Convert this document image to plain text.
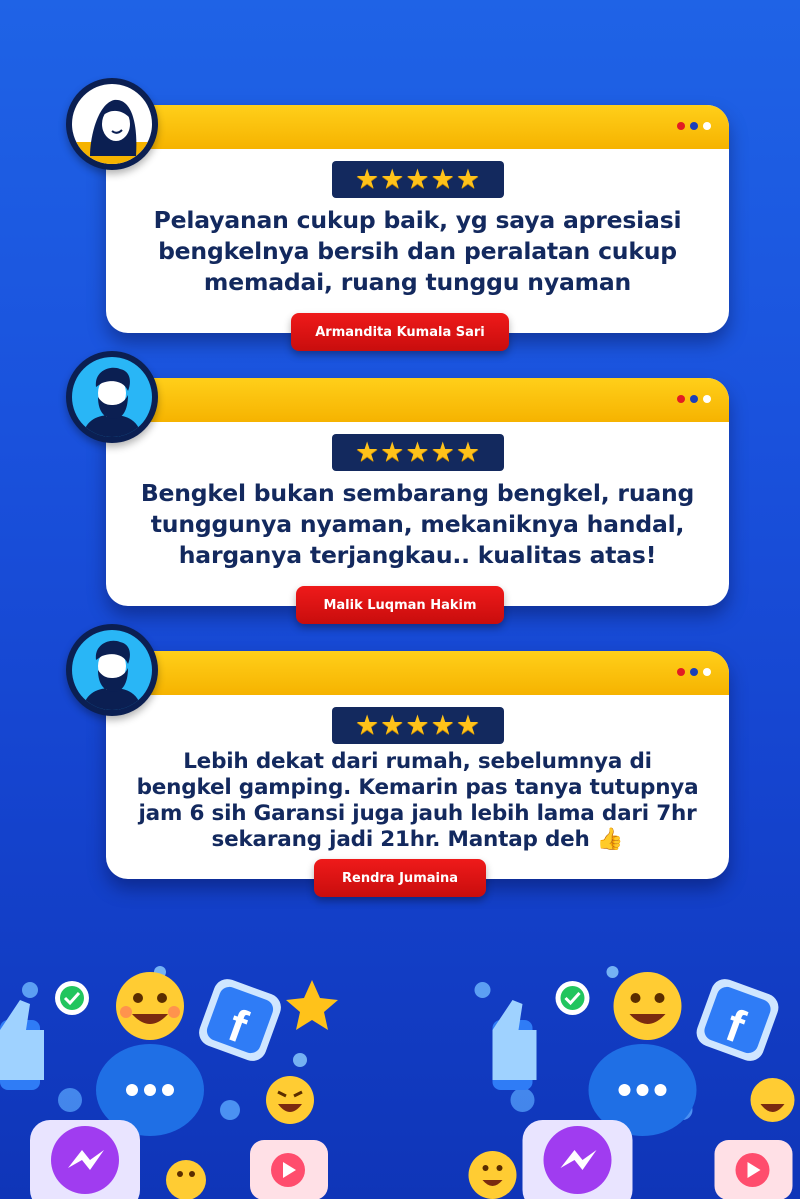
★ ★ ★ ★ ★
Pelayanan cukup baik, yg saya apresiasi bengkelnya bersih dan peralatan cukup memadai, ruang tunggu nyaman
Armandita Kumala Sari
★ ★ ★ ★ ★
Bengkel bukan sembarang bengkel, ruang tunggunya nyaman, mekaniknya handal, harganya terjangkau.. kualitas atas!
Malik Luqman Hakim
★ ★ ★ ★ ★
Lebih dekat dari rumah, sebelumnya di bengkel gamping. Kemarin pas tanya tutupnya jam 6 sih Garansi juga jauh lebih lama dari 7hr sekarang jadi 21hr. Mantap deh 👍
Rendra Jumaina
f	f
